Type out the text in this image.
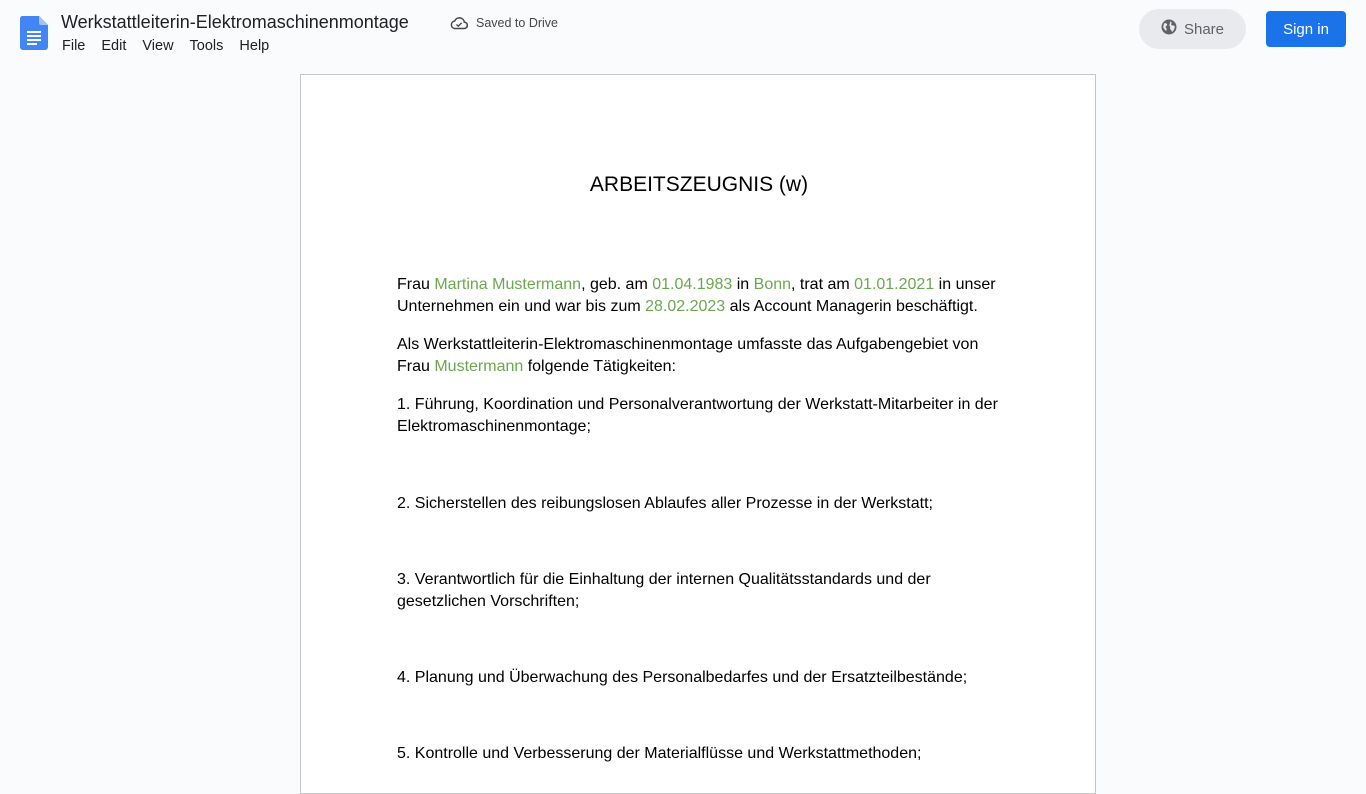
Werkstattleiterin-Elektromaschinenmontage	Saved to Drive
File	Edit	View	Tools	Help
Share	Sign in
ARBEITSZEUGNIS (w)
Frau Martina Mustermann, geb. am 01.04.1983 in Bonn, trat am 01.01.2021 in unser Unternehmen ein und war bis zum 28.02.2023 als Account Managerin beschäftigt.
Als Werkstattleiterin-Elektromaschinenmontage umfasste das Aufgabengebiet von Frau Mustermann folgende Tätigkeiten:
1. Führung, Koordination und Personalverantwortung der Werkstatt-Mitarbeiter in der Elektromaschinenmontage;
2. Sicherstellen des reibungslosen Ablaufes aller Prozesse in der Werkstatt;
3. Verantwortlich für die Einhaltung der internen Qualitätsstandards und der gesetzlichen Vorschriften;
4. Planung und Überwachung des Personalbedarfes und der Ersatzteilbestände;
5. Kontrolle und Verbesserung der Materialflüsse und Werkstattmethoden;
